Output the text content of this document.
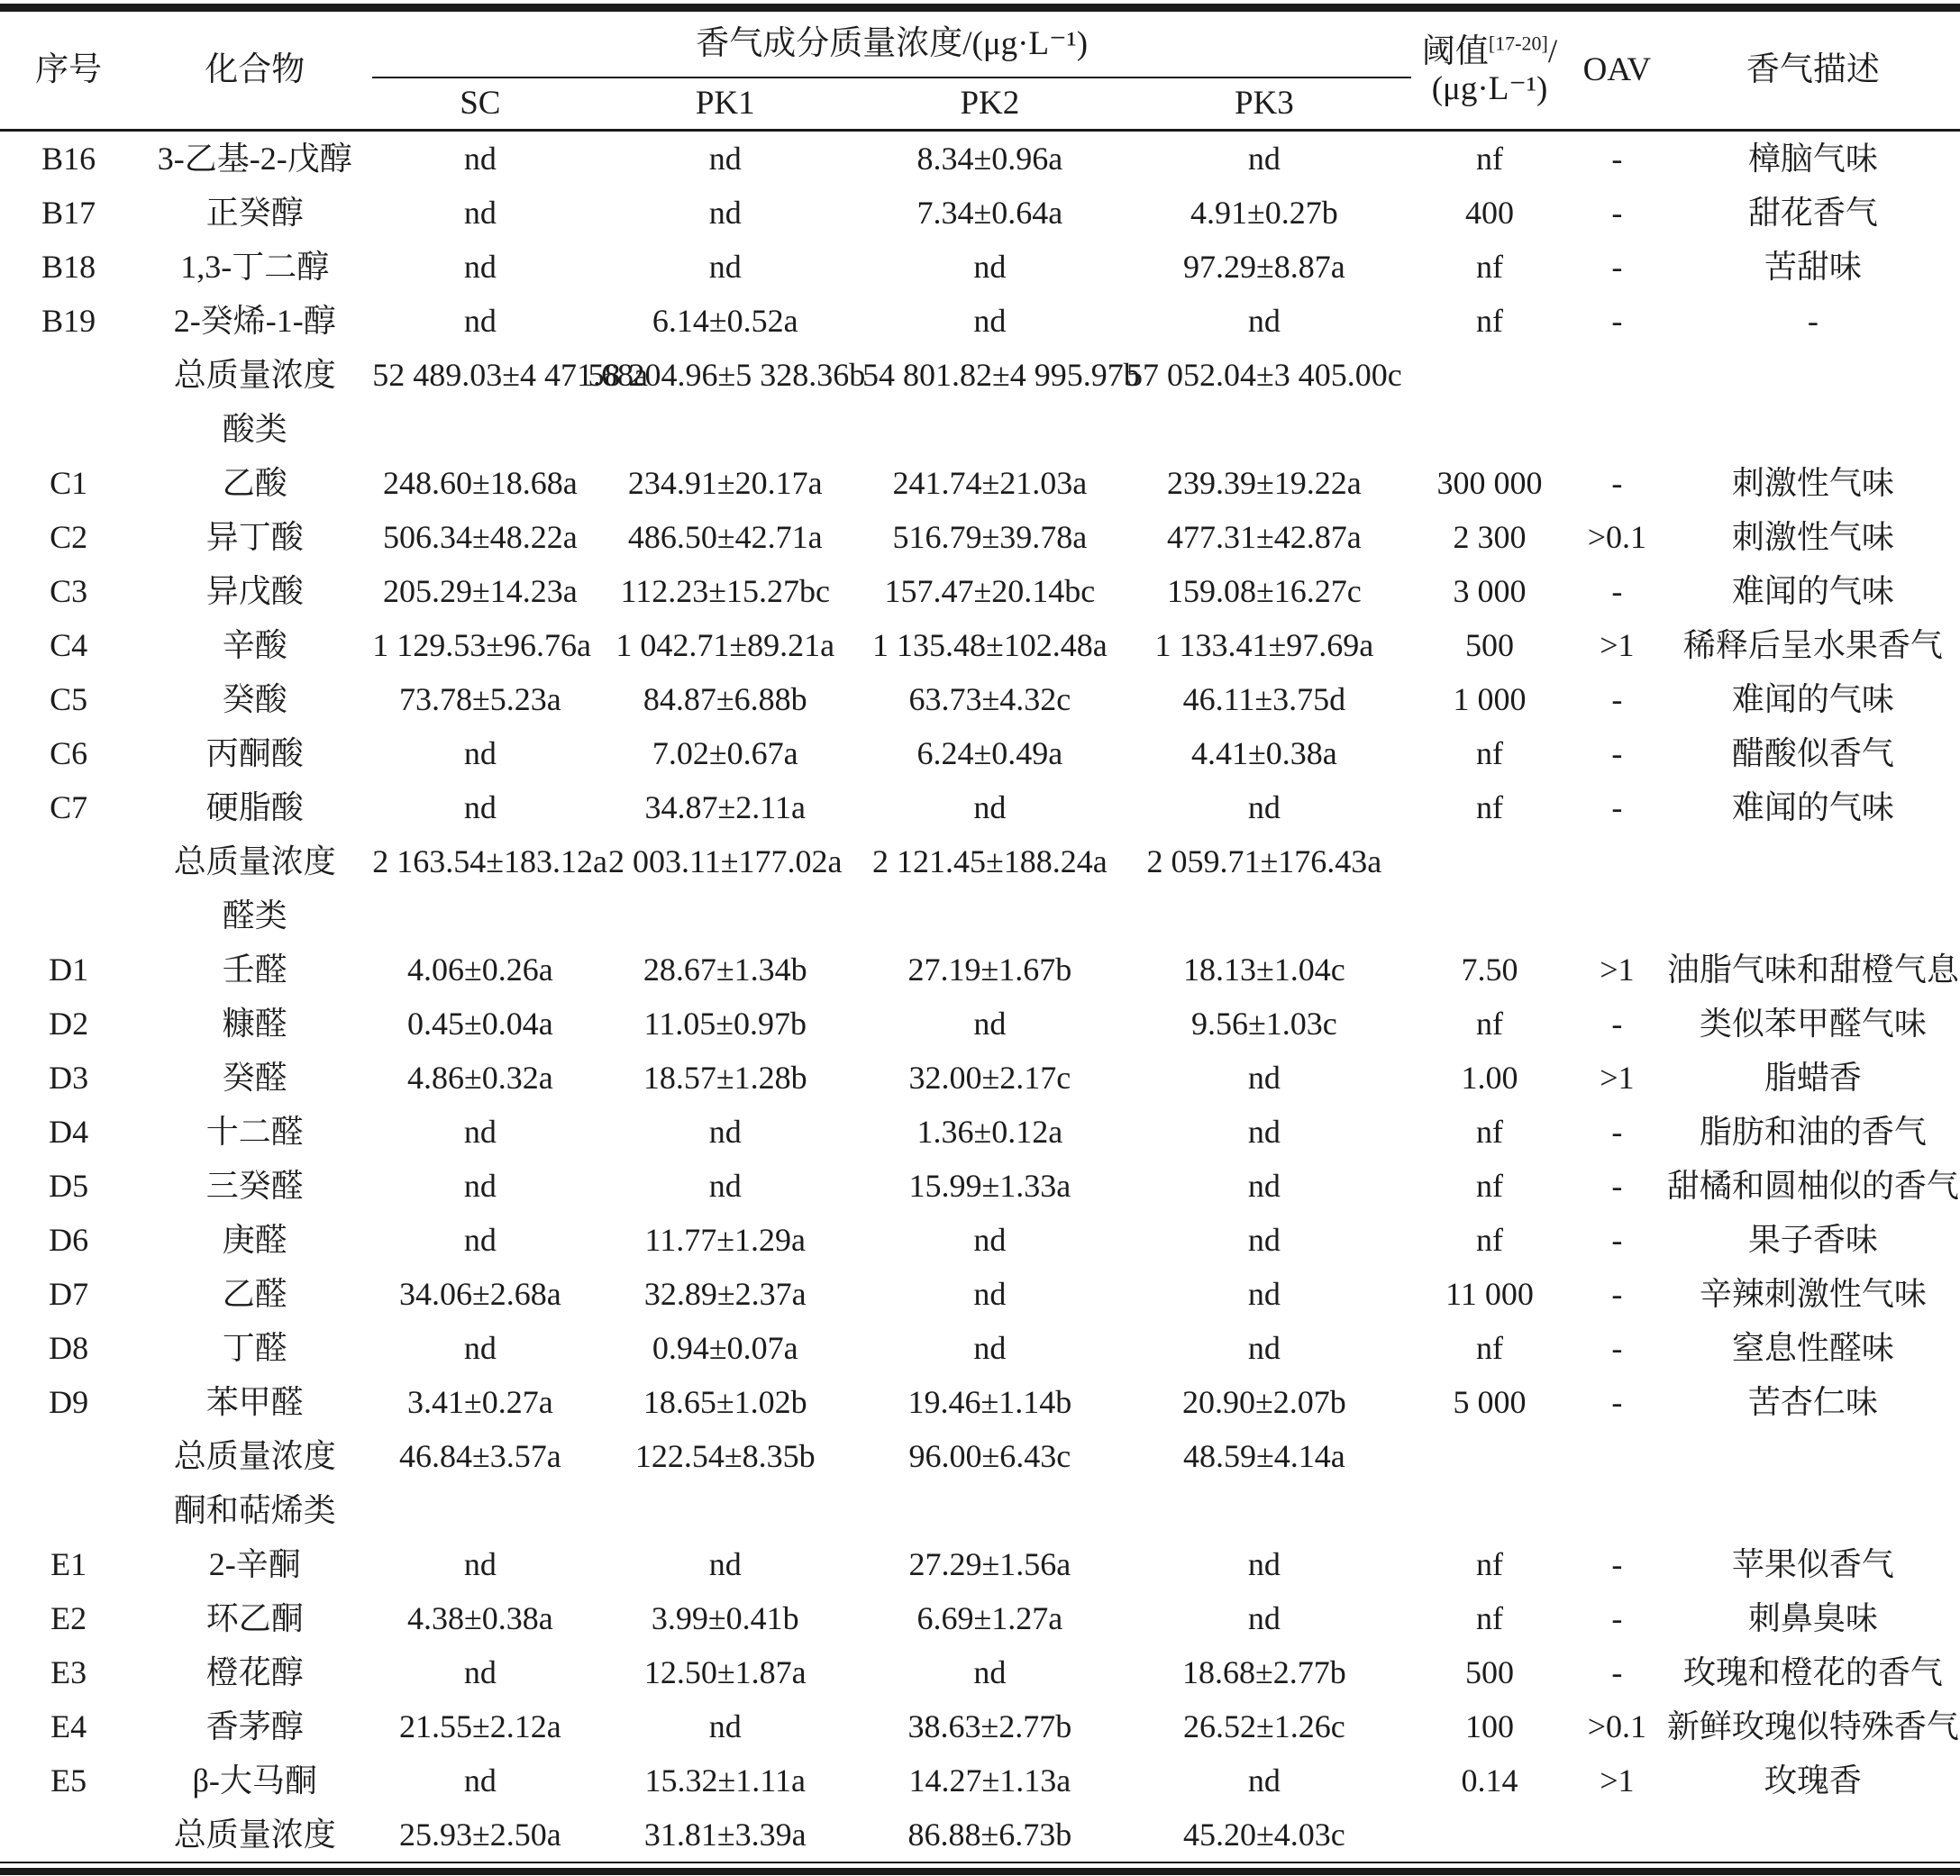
序号	化合物	香气成分质量浓度/(μg·L⁻¹)				阈值[17-20]/
(μg·L⁻¹)	OAV	香气描述
		SC	PK1	PK2	PK3			
B16	3-乙基-2-戊醇	nd	nd	8.34±0.96a	nd	nf	-	樟脑气味
B17	正癸醇	nd	nd	7.34±0.64a	4.91±0.27b	400	-	甜花香气
B18	1,3-丁二醇	nd	nd	nd	97.29±8.87a	nf	-	苦甜味
B19	2-癸烯-1-醇	nd	6.14±0.52a	nd	nd	nf	-	-
	总质量浓度	52 489.03±4 471.68a	58 204.96±5 328.36b	54 801.82±4 995.97b	57 052.04±3 405.00c			
	酸类							
C1	乙酸	248.60±18.68a	234.91±20.17a	241.74±21.03a	239.39±19.22a	300 000	-	刺激性气味
C2	异丁酸	506.34±48.22a	486.50±42.71a	516.79±39.78a	477.31±42.87a	2 300	>0.1	刺激性气味
C3	异戊酸	205.29±14.23a	112.23±15.27bc	157.47±20.14bc	159.08±16.27c	3 000	-	难闻的气味
C4	辛酸	1 129.53±96.76a	1 042.71±89.21a	1 135.48±102.48a	1 133.41±97.69a	500	>1	稀释后呈水果香气
C5	癸酸	73.78±5.23a	84.87±6.88b	63.73±4.32c	46.11±3.75d	1 000	-	难闻的气味
C6	丙酮酸	nd	7.02±0.67a	6.24±0.49a	4.41±0.38a	nf	-	醋酸似香气
C7	硬脂酸	nd	34.87±2.11a	nd	nd	nf	-	难闻的气味
	总质量浓度	2 163.54±183.12a	2 003.11±177.02a	2 121.45±188.24a	2 059.71±176.43a			
	醛类							
D1	壬醛	4.06±0.26a	28.67±1.34b	27.19±1.67b	18.13±1.04c	7.50	>1	油脂气味和甜橙气息
D2	糠醛	0.45±0.04a	11.05±0.97b	nd	9.56±1.03c	nf	-	类似苯甲醛气味
D3	癸醛	4.86±0.32a	18.57±1.28b	32.00±2.17c	nd	1.00	>1	脂蜡香
D4	十二醛	nd	nd	1.36±0.12a	nd	nf	-	脂肪和油的香气
D5	三癸醛	nd	nd	15.99±1.33a	nd	nf	-	甜橘和圆柚似的香气
D6	庚醛	nd	11.77±1.29a	nd	nd	nf	-	果子香味
D7	乙醛	34.06±2.68a	32.89±2.37a	nd	nd	11 000	-	辛辣刺激性气味
D8	丁醛	nd	0.94±0.07a	nd	nd	nf	-	窒息性醛味
D9	苯甲醛	3.41±0.27a	18.65±1.02b	19.46±1.14b	20.90±2.07b	5 000	-	苦杏仁味
	总质量浓度	46.84±3.57a	122.54±8.35b	96.00±6.43c	48.59±4.14a			
	酮和萜烯类							
E1	2-辛酮	nd	nd	27.29±1.56a	nd	nf	-	苹果似香气
E2	环乙酮	4.38±0.38a	3.99±0.41b	6.69±1.27a	nd	nf	-	刺鼻臭味
E3	橙花醇	nd	12.50±1.87a	nd	18.68±2.77b	500	-	玫瑰和橙花的香气
E4	香茅醇	21.55±2.12a	nd	38.63±2.77b	26.52±1.26c	100	>0.1	新鲜玫瑰似特殊香气
E5	β-大马酮	nd	15.32±1.11a	14.27±1.13a	nd	0.14	>1	玫瑰香
	总质量浓度	25.93±2.50a	31.81±3.39a	86.88±6.73b	45.20±4.03c			
